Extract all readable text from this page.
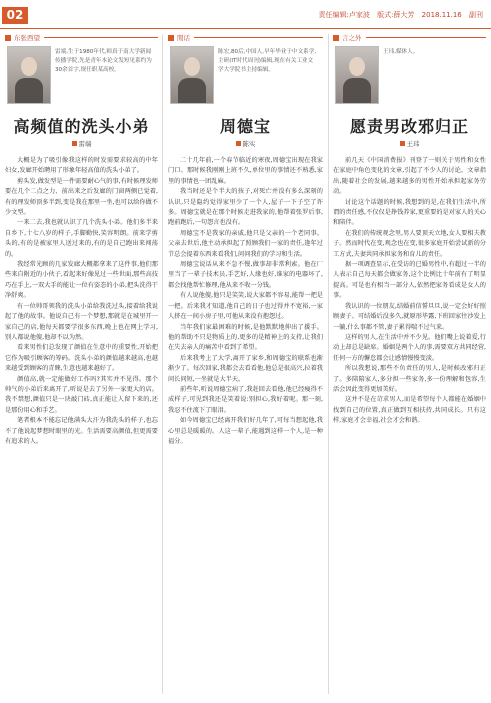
02	责任编辑:卢家波 版式:薛大芳 2018.11.16 副刊
东张西望
雷端,生于1980年代,师真于南大学新闻传播学院,先是青年本论文发短见系约为30余首字,规任职某高校。
高频值的洗头小弟
雷端

大概是为了吸引像我这样的时发需要求较高的中年妇女,发廊开始聘用了形象年轻高值的洗头小弟了。

剪头发,做发型是一件需要耐心气的事,有时候理发师要在几个二点之力、前出来之后发廊的门窗两侧已觉着,有的理发师顶多半到,变是我在那里一坐,也可以给你做不少文型。

一来二去,我也就认识了几个洗头小弟。他们多半来自乡下,十七八岁的样子,手脚勤快,笑容明朗。前来学剪头的,有的是被家里人送过来的,有的是自己跑出来闯荡的。

我经常光顾的几家发廊大概都拿来了这件事,他们那些来自附近的小伙子,看起来好像见过一些世面,那些高技巧在手上,一双大手的能让一位有姿态的小弟,把头洗得干净舒爽。

有一位帅哥领我的洗头小弟给我洗过头,接着给我说起了他的故事。他说自己有一个梦想,那就是在城里开一家自己的店,他每天都要学很多东西,晚上也在网上学习,别人都说他傻,他却不以为然。

看来男性们总发现了颜值在生意中的重要性,开始把它作为吸引顾客的筹码。洗头小弟的颜值越来越高,也越来越受到顾客的青睐,生意也越来越好了。

颜值高,就一定能做好工作吗?其实并不见得。那个帅气的小弟后来离开了,听说是去了另外一家更大的店。我不禁想,颜值只是一块敲门砖,真正能让人留下来的,还是那份用心和手艺。

笔者根本不能忘记他满头大汗为我洗头的样子,也忘不了他说起梦想时眼里的光。生活需要高颜值,但更需要有追求的人。

閒话
陈宏,80后,中国人,早年毕业于中文系学,主研(IT时代周刊)编辑,现在有关工业文学大学院书主持编辑。
周德宝
陈实

二十几年前,一个春节临近的寒夜,周德宝出现在我家门口。那时候我刚刚上班不久,单位里的事情还不熟悉,家里的事情也一团乱麻。

我当时还是个半大的孩子,对死亡并没有多么深刻的认识,只是隐约觉得家里少了一个人,屋子一下子空了许多。周德宝就是在那个时候走进我家的,他帮着张罗后事,跑前跑后,一句怨言也没有。

周德宝不是我家的亲戚,他只是父亲的一个老同事。父亲去世后,他主动承担起了照顾我们一家的责任,逢年过节总会提着东西来看我们,问问我们的学习和生活。

周德宝说话从来不急不慢,做事却非常利索。他在厂里当了一辈子技术员,手艺好,人缘也好,谁家的电器坏了,都会找他帮忙修理,他从来不收一分钱。

有人说他傻,他只是笑笑,说大家都不容易,能帮一把是一把。后来我才知道,他自己的日子也过得并不宽裕,一家人挤在一间小房子里,可他从来没有抱怨过。

当年我们家最困难的时候,是他默默地伸出了援手。他的帮助不只是物质上的,更多的是精神上的支持,让我们在失去亲人的痛苦中看到了希望。

后来我考上了大学,离开了家乡,和周德宝的联系也渐渐少了。每次回家,我都会去看看他,他总是很高兴,拉着我问长问短,一坐就是大半天。

前些年,听说周德宝病了,我赶回去看他,他已经瘦得不成样子,可见到我还是笑着说:别担心,我好着呢。那一刻,我忍不住流下了眼泪。

如今周德宝已经离开我们好几年了,可每当想起他,我心里总是暖暖的。人这一辈子,能遇到这样一个人,是一种福分。

言之外
王玮,媒体人。
愿责男改邪归正
王玮

前几天《中国消费报》刊登了一则关于男性和女性在家庭中角色变化的文章,引起了不少人的讨论。文章指出,随着社会的发展,越来越多的男性开始承担起家务劳动。

讨论这个话题的时候,我想到的是,在我们生活中,所谓的责任感,不仅仅是挣钱养家,更重要的是对家人的关心和陪伴。

在我们的传统观念里,男人要顶天立地,女人要相夫教子。然而时代在变,观念也在变,很多家庭开始尝试新的分工方式,夫妻共同承担家务和育儿的责任。

据一项调查显示,在受访的已婚男性中,有超过一半的人表示自己每天都会做家务,这个比例比十年前有了明显提高。可是也有相当一部分人,依然把家务看成是女人的事。

我认识的一位朋友,结婚前信誓旦旦,说一定会好好照顾妻子。可结婚后没多久,就原形毕露,下班回家往沙发上一躺,什么事都不管,妻子累得喘不过气来。

这样的男人,在生活中并不少见。他们嘴上说着爱,行动上却总是缺席。婚姻是两个人的事,需要双方共同经营,任何一方的懈怠都会让感情慢慢变淡。

所以我想说,那些不负责任的男人,是时候改邪归正了。多陪陪家人,多分担一些家务,多一份理解和包容,生活会因此变得更加美好。

这并不是在苛求男人,而是希望每个人都能在婚姻中找到自己的位置,真正做到互相扶持,共同成长。只有这样,家庭才会幸福,社会才会和谐。
